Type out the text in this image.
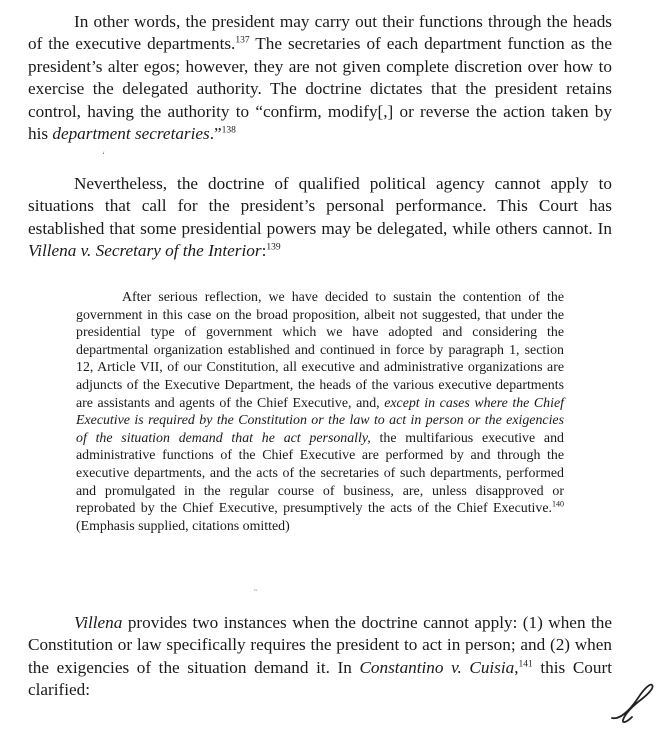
In other words, the president may carry out their functions through the heads of the executive departments.$^{137}$ The secretaries of each department function as the president’s alter egos; however, they are not given complete discretion over how to exercise the delegated authority. The doctrine dictates that the president retains control, having the authority to “confirm, modify[,] or reverse the action taken by his department secretaries.”$^{138}$

Nevertheless, the doctrine of qualified political agency cannot apply to situations that call for the president’s personal performance. This Court has established that some presidential powers may be delegated, while others cannot. In Villena v. Secretary of the Interior:$^{139}$

After serious reflection, we have decided to sustain the contention of the government in this case on the broad proposition, albeit not suggested, that under the presidential type of government which we have adopted and considering the departmental organization established and continued in force by paragraph 1, section 12, Article VII, of our Constitution, all executive and administrative organizations are adjuncts of the Executive Department, the heads of the various executive departments are assistants and agents of the Chief Executive, and, except in cases where the Chief Executive is required by the Constitution or the law to act in person or the exigencies of the situation demand that he act personally, the multifarious executive and administrative functions of the Chief Executive are performed by and through the executive departments, and the acts of the secretaries of such departments, performed and promulgated in the regular course of business, are, unless disapproved or reprobated by the Chief Executive, presumptively the acts of the Chief Executive.$^{140}$ (Emphasis supplied, citations omitted)

Villena provides two instances when the doctrine cannot apply: (1) when the Constitution or law specifically requires the president to act in person; and (2) when the exigencies of the situation demand it. In Constantino v. Cuisia,$^{141}$ this Court clarified:

ʻ
˵
